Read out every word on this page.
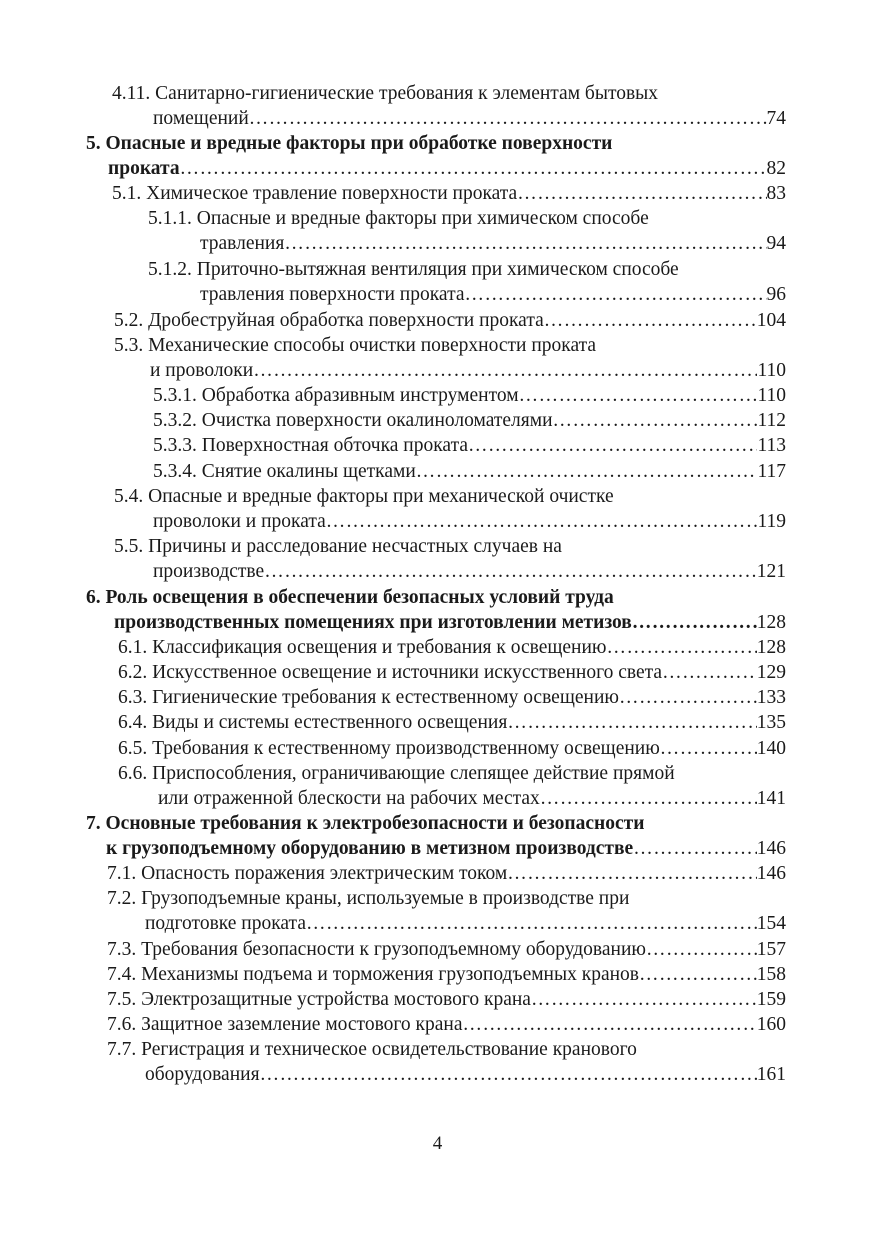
4.11. Санитарно-гигиенические требования к элементам бытовых
помещений ………………………………………………………………………………………………………………………………………………………………………………………………………	74
5. Опасные и вредные факторы при обработке поверхности
проката ………………………………………………………………………………………………………………………………………………………………………………………………………	82
5.1. Химическое травление поверхности проката ………………………………………………………………………………………………………………………………………………………………………………………………………	83
5.1.1. Опасные и вредные факторы при химическом способе
травления ………………………………………………………………………………………………………………………………………………………………………………………………………	94
5.1.2. Приточно-вытяжная вентиляция при химическом способе
травления поверхности проката ………………………………………………………………………………………………………………………………………………………………………………………………………	96
5.2. Дробеструйная обработка поверхности проката ………………………………………………………………………………………………………………………………………………………………………………………………………	104
5.3. Механические способы очистки поверхности проката
и проволоки ………………………………………………………………………………………………………………………………………………………………………………………………………	110
5.3.1. Обработка абразивным инструментом ………………………………………………………………………………………………………………………………………………………………………………………………………	110
5.3.2. Очистка поверхности окалиноломателями ………………………………………………………………………………………………………………………………………………………………………………………………………	112
5.3.3. Поверхностная обточка проката ………………………………………………………………………………………………………………………………………………………………………………………………………	113
5.3.4. Снятие окалины щетками ………………………………………………………………………………………………………………………………………………………………………………………………………	117
5.4. Опасные и вредные факторы при механической очистке
проволоки и проката ………………………………………………………………………………………………………………………………………………………………………………………………………	119
5.5. Причины и расследование несчастных случаев на
производстве ………………………………………………………………………………………………………………………………………………………………………………………………………	121
6. Роль освещения в обеспечении безопасных условий труда
производственных помещениях при изготовлении метизов ………………………………………………………………………………………………………………………………………………………………………………………………………	128
6.1. Классификация освещения и требования к освещению ………………………………………………………………………………………………………………………………………………………………………………………………………	128
6.2. Искусственное освещение и источники искусственного света ………………………………………………………………………………………………………………………………………………………………………………………………………	129
6.3. Гигиенические требования к естественному освещению ………………………………………………………………………………………………………………………………………………………………………………………………………	133
6.4. Виды и системы естественного освещения ………………………………………………………………………………………………………………………………………………………………………………………………………	135
6.5. Требования к естественному производственному освещению ………………………………………………………………………………………………………………………………………………………………………………………………………	140
6.6. Приспособления, ограничивающие слепящее действие прямой
или отраженной блескости на рабочих местах ………………………………………………………………………………………………………………………………………………………………………………………………………	141
7. Основные требования к электробезопасности и безопасности
к грузоподъемному оборудованию в метизном производстве ………………………………………………………………………………………………………………………………………………………………………………………………………	146
7.1. Опасность поражения электрическим током ………………………………………………………………………………………………………………………………………………………………………………………………………	146
7.2. Грузоподъемные краны, используемые в производстве при
подготовке проката ………………………………………………………………………………………………………………………………………………………………………………………………………	154
7.3. Требования безопасности к грузоподъемному оборудованию ………………………………………………………………………………………………………………………………………………………………………………………………………	157
7.4. Механизмы подъема и торможения грузоподъемных кранов ………………………………………………………………………………………………………………………………………………………………………………………………………	158
7.5. Электрозащитные устройства мостового крана ………………………………………………………………………………………………………………………………………………………………………………………………………	159
7.6. Защитное заземление мостового крана ………………………………………………………………………………………………………………………………………………………………………………………………………	160
7.7. Регистрация и техническое освидетельствование кранового
оборудования ………………………………………………………………………………………………………………………………………………………………………………………………………	161
4
